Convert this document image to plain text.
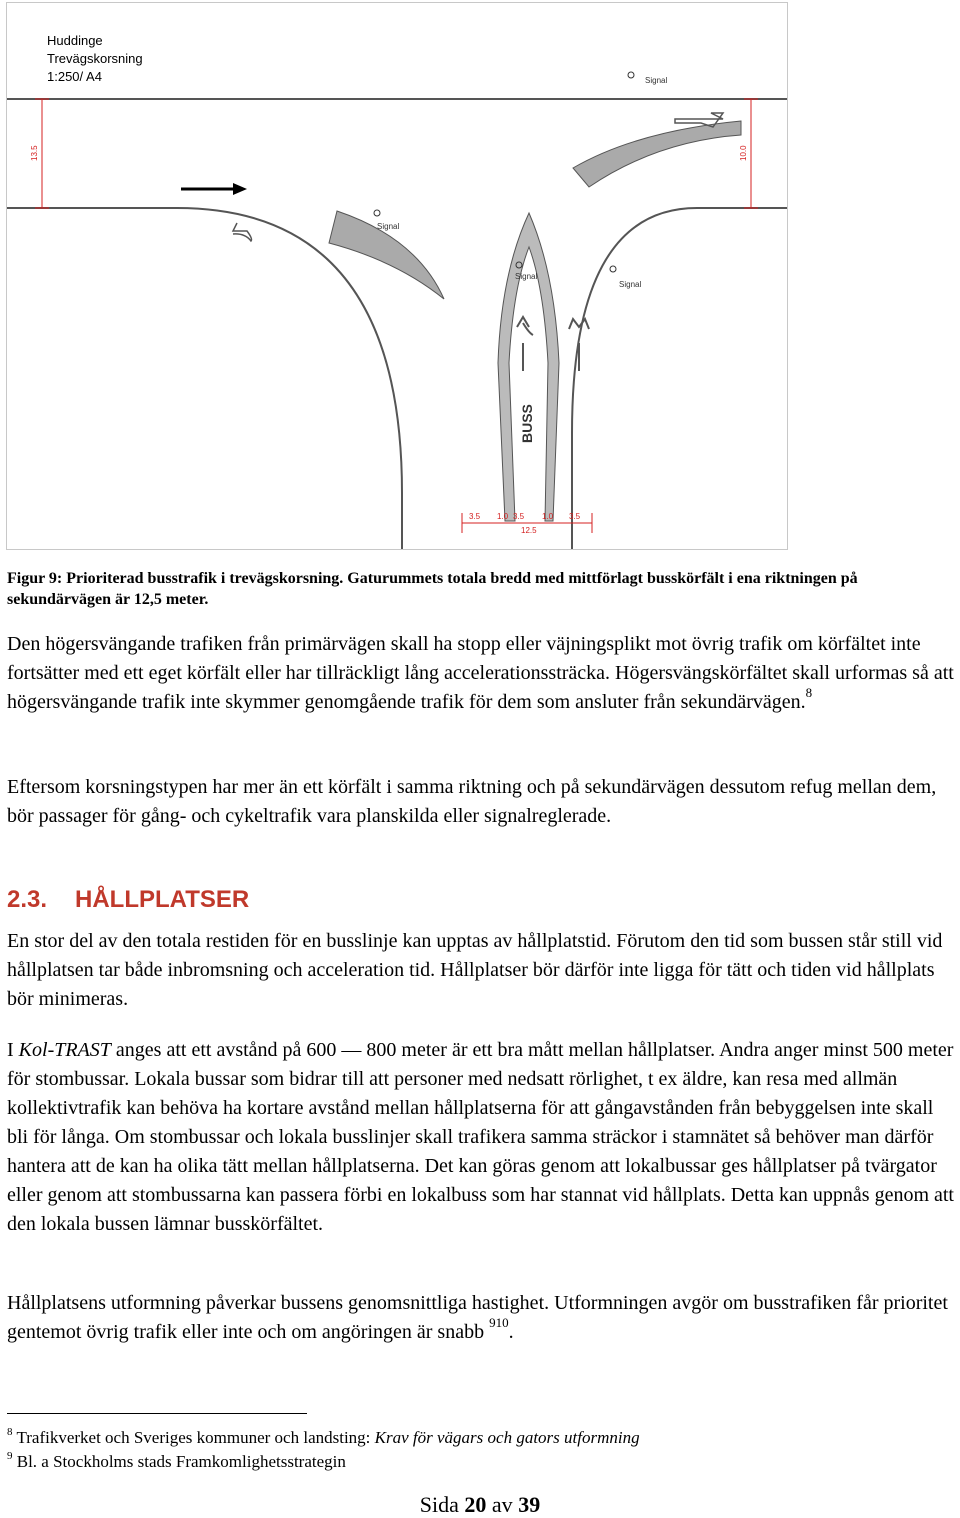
Signal
Signal
Signal
Signal
Huddinge
Trevägskorsning
1:250/ A4
BUSS
13.5	10.0
3.5 1.0 3.5 1.0 3.5
12.5
Figur 9: Prioriterad busstrafik i trevägskorsning. Gaturummets totala bredd med mittförlagt busskörfält i ena riktningen på sekundärvägen är 12,5 meter.
Den högersvängande trafiken från primärvägen skall ha stopp eller väjningsplikt mot övrig trafik om körfältet inte fortsätter med ett eget körfält eller har tillräckligt lång accelerationssträcka. Högersvängskörfältet skall urformas så att högersvängande trafik inte skymmer genomgående trafik för dem som ansluter från sekundärvägen.$^8$
Eftersom korsningstypen har mer än ett körfält i samma riktning och på sekundärvägen dessutom refug mellan dem, bör passager för gång- och cykeltrafik vara planskilda eller signalreglerade.
2.3. HÅLLPLATSER
En stor del av den totala restiden för en busslinje kan upptas av hållplatstid. Förutom den tid som bussen står still vid hållplatsen tar både inbromsning och acceleration tid. Hållplatser bör därför inte ligga för tätt och tiden vid hållplats bör minimeras.
I Kol-TRAST anges att ett avstånd på 600 — 800 meter är ett bra mått mellan hållplatser. Andra anger minst 500 meter för stombussar. Lokala bussar som bidrar till att personer med nedsatt rörlighet, t ex äldre, kan resa med allmän kollektivtrafik kan behöva ha kortare avstånd mellan hållplatserna för att gångavstånden från bebyggelsen inte skall bli för långa. Om stombussar och lokala busslinjer skall trafikera samma sträckor i stamnätet så behöver man därför hantera att de kan ha olika tätt mellan hållplatserna. Det kan göras genom att lokalbussar ges hållplatser på tvärgator eller genom att stombussarna kan passera förbi en lokalbuss som har stannat vid hållplats. Detta kan uppnås genom att den lokala bussen lämnar busskörfältet.
Hållplatsens utformning påverkar bussens genomsnittliga hastighet. Utformningen avgör om busstrafiken får prioritet gentemot övrig trafik eller inte och om angöringen är snabb $^{910}$.
$^8$ Trafikverket och Sveriges kommuner och landsting: Krav för vägars och gators utformning
$^9$ Bl. a Stockholms stads Framkomlighetsstrategin
Sida 20 av 39
